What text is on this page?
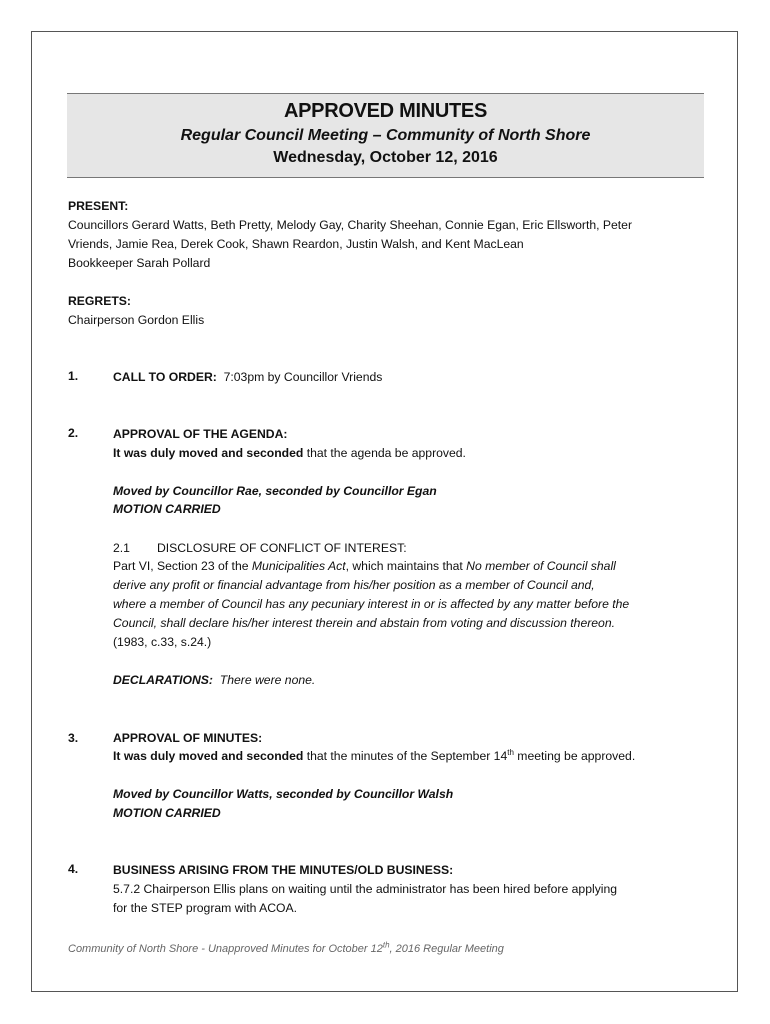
APPROVED MINUTES
Regular Council Meeting – Community of North Shore
Wednesday, October 12, 2016
PRESENT:
Councillors Gerard Watts, Beth Pretty, Melody Gay, Charity Sheehan, Connie Egan, Eric Ellsworth, Peter
Vriends, Jamie Rea, Derek Cook, Shawn Reardon, Justin Walsh, and Kent MacLean
Bookkeeper Sarah Pollard
REGRETS:
Chairperson Gordon Ellis
1.	CALL TO ORDER: 7:03pm by Councillor Vriends
2.	APPROVAL OF THE AGENDA:
It was duly moved and seconded that the agenda be approved.
Moved by Councillor Rae, seconded by Councillor Egan
MOTION CARRIED
2.1 DISCLOSURE OF CONFLICT OF INTEREST:
Part VI, Section 23 of the Municipalities Act, which maintains that No member of Council shall
derive any profit or financial advantage from his/her position as a member of Council and,
where a member of Council has any pecuniary interest in or is affected by any matter before the
Council, shall declare his/her interest therein and abstain from voting and discussion thereon.
(1983, c.33, s.24.)
DECLARATIONS: There were none.
3.	APPROVAL OF MINUTES:
It was duly moved and seconded that the minutes of the September 14th meeting be approved.
Moved by Councillor Watts, seconded by Councillor Walsh
MOTION CARRIED
4.	BUSINESS ARISING FROM THE MINUTES/OLD BUSINESS:
5.7.2 Chairperson Ellis plans on waiting until the administrator has been hired before applying
for the STEP program with ACOA.
Community of North Shore - Unapproved Minutes for October 12th, 2016 Regular Meeting
